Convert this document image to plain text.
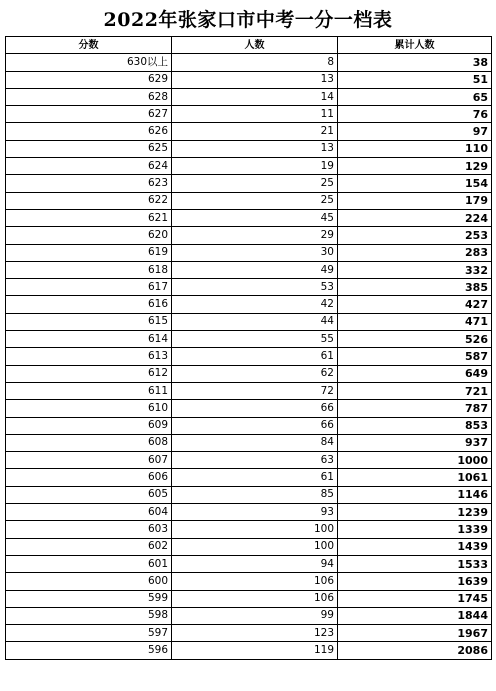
2022年张家口市中考一分一档表
分数	人数	累计人数
630以上	8	38
629	13	51
628	14	65
627	11	76
626	21	97
625	13	110
624	19	129
623	25	154
622	25	179
621	45	224
620	29	253
619	30	283
618	49	332
617	53	385
616	42	427
615	44	471
614	55	526
613	61	587
612	62	649
611	72	721
610	66	787
609	66	853
608	84	937
607	63	1000
606	61	1061
605	85	1146
604	93	1239
603	100	1339
602	100	1439
601	94	1533
600	106	1639
599	106	1745
598	99	1844
597	123	1967
596	119	2086
